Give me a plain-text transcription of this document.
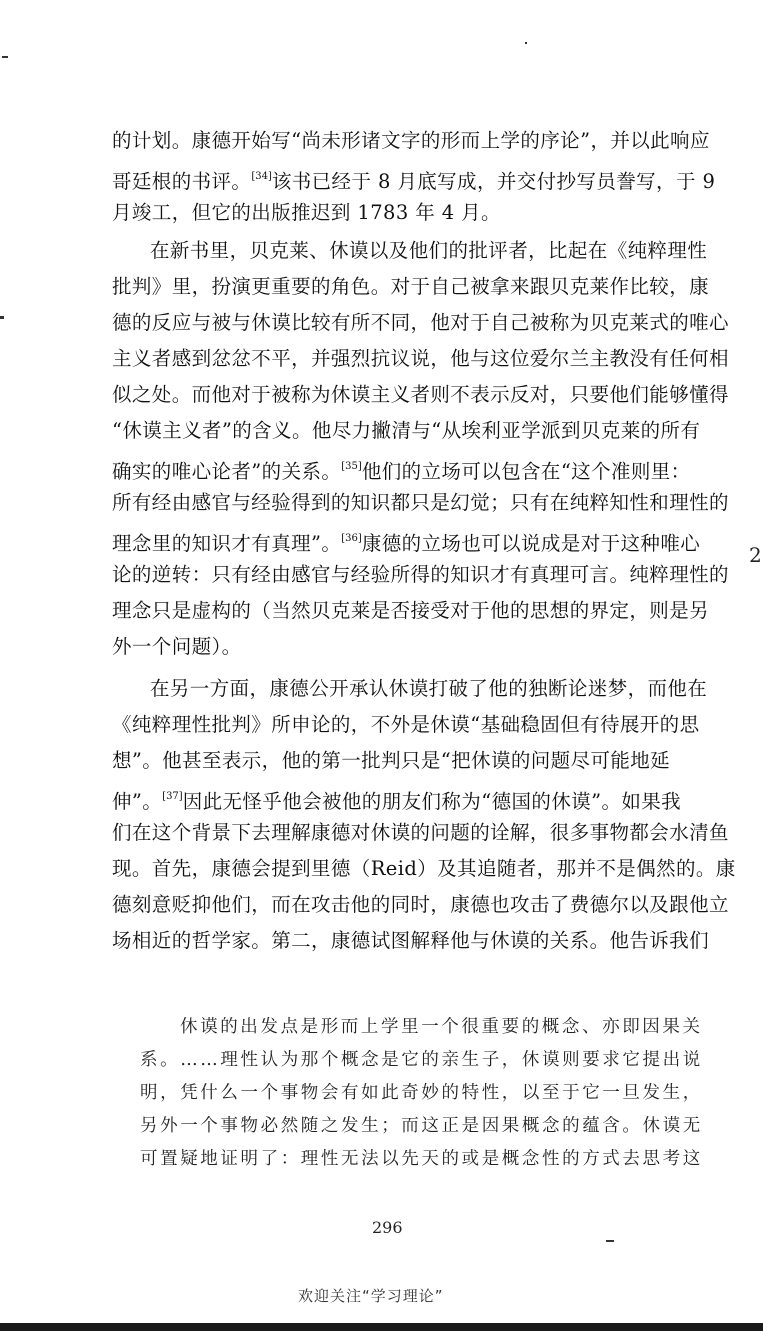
的计划。康德开始写“尚未形诸文字的形而上学的序论”，并以此响应
哥廷根的书评。[34]该书已经于 8 月底写成，并交付抄写员誊写，于 9
月竣工，但它的出版推迟到 1783 年 4 月。
在新书里，贝克莱、休谟以及他们的批评者，比起在《纯粹理性
批判》里，扮演更重要的角色。对于自己被拿来跟贝克莱作比较，康
德的反应与被与休谟比较有所不同，他对于自己被称为贝克莱式的唯心
主义者感到忿忿不平，并强烈抗议说，他与这位爱尔兰主教没有任何相
似之处。而他对于被称为休谟主义者则不表示反对，只要他们能够懂得
“休谟主义者”的含义。他尽力撇清与“从埃利亚学派到贝克莱的所有
确实的唯心论者”的关系。[35]他们的立场可以包含在“这个准则里：
所有经由感官与经验得到的知识都只是幻觉；只有在纯粹知性和理性的
理念里的知识才有真理”。[36]康德的立场也可以说成是对于这种唯心
论的逆转：只有经由感官与经验所得的知识才有真理可言。纯粹理性的
理念只是虚构的（当然贝克莱是否接受对于他的思想的界定，则是另
外一个问题）。
在另一方面，康德公开承认休谟打破了他的独断论迷梦，而他在
《纯粹理性批判》所申论的，不外是休谟“基础稳固但有待展开的思
想”。他甚至表示，他的第一批判只是“把休谟的问题尽可能地延
伸”。[37]因此无怪乎他会被他的朋友们称为“德国的休谟”。如果我
们在这个背景下去理解康德对休谟的问题的诠解，很多事物都会水清鱼
现。首先，康德会提到里德（Reid）及其追随者，那并不是偶然的。康
德刻意贬抑他们，而在攻击他的同时，康德也攻击了费德尔以及跟他立
场相近的哲学家。第二，康德试图解释他与休谟的关系。他告诉我们
2
休谟的出发点是形而上学里一个很重要的概念、亦即因果关
系。……理性认为那个概念是它的亲生子，休谟则要求它提出说
明，凭什么一个事物会有如此奇妙的特性，以至于它一旦发生，
另外一个事物必然随之发生；而这正是因果概念的蕴含。休谟无
可置疑地证明了：理性无法以先天的或是概念性的方式去思考这
296
欢迎关注“学习理论”
